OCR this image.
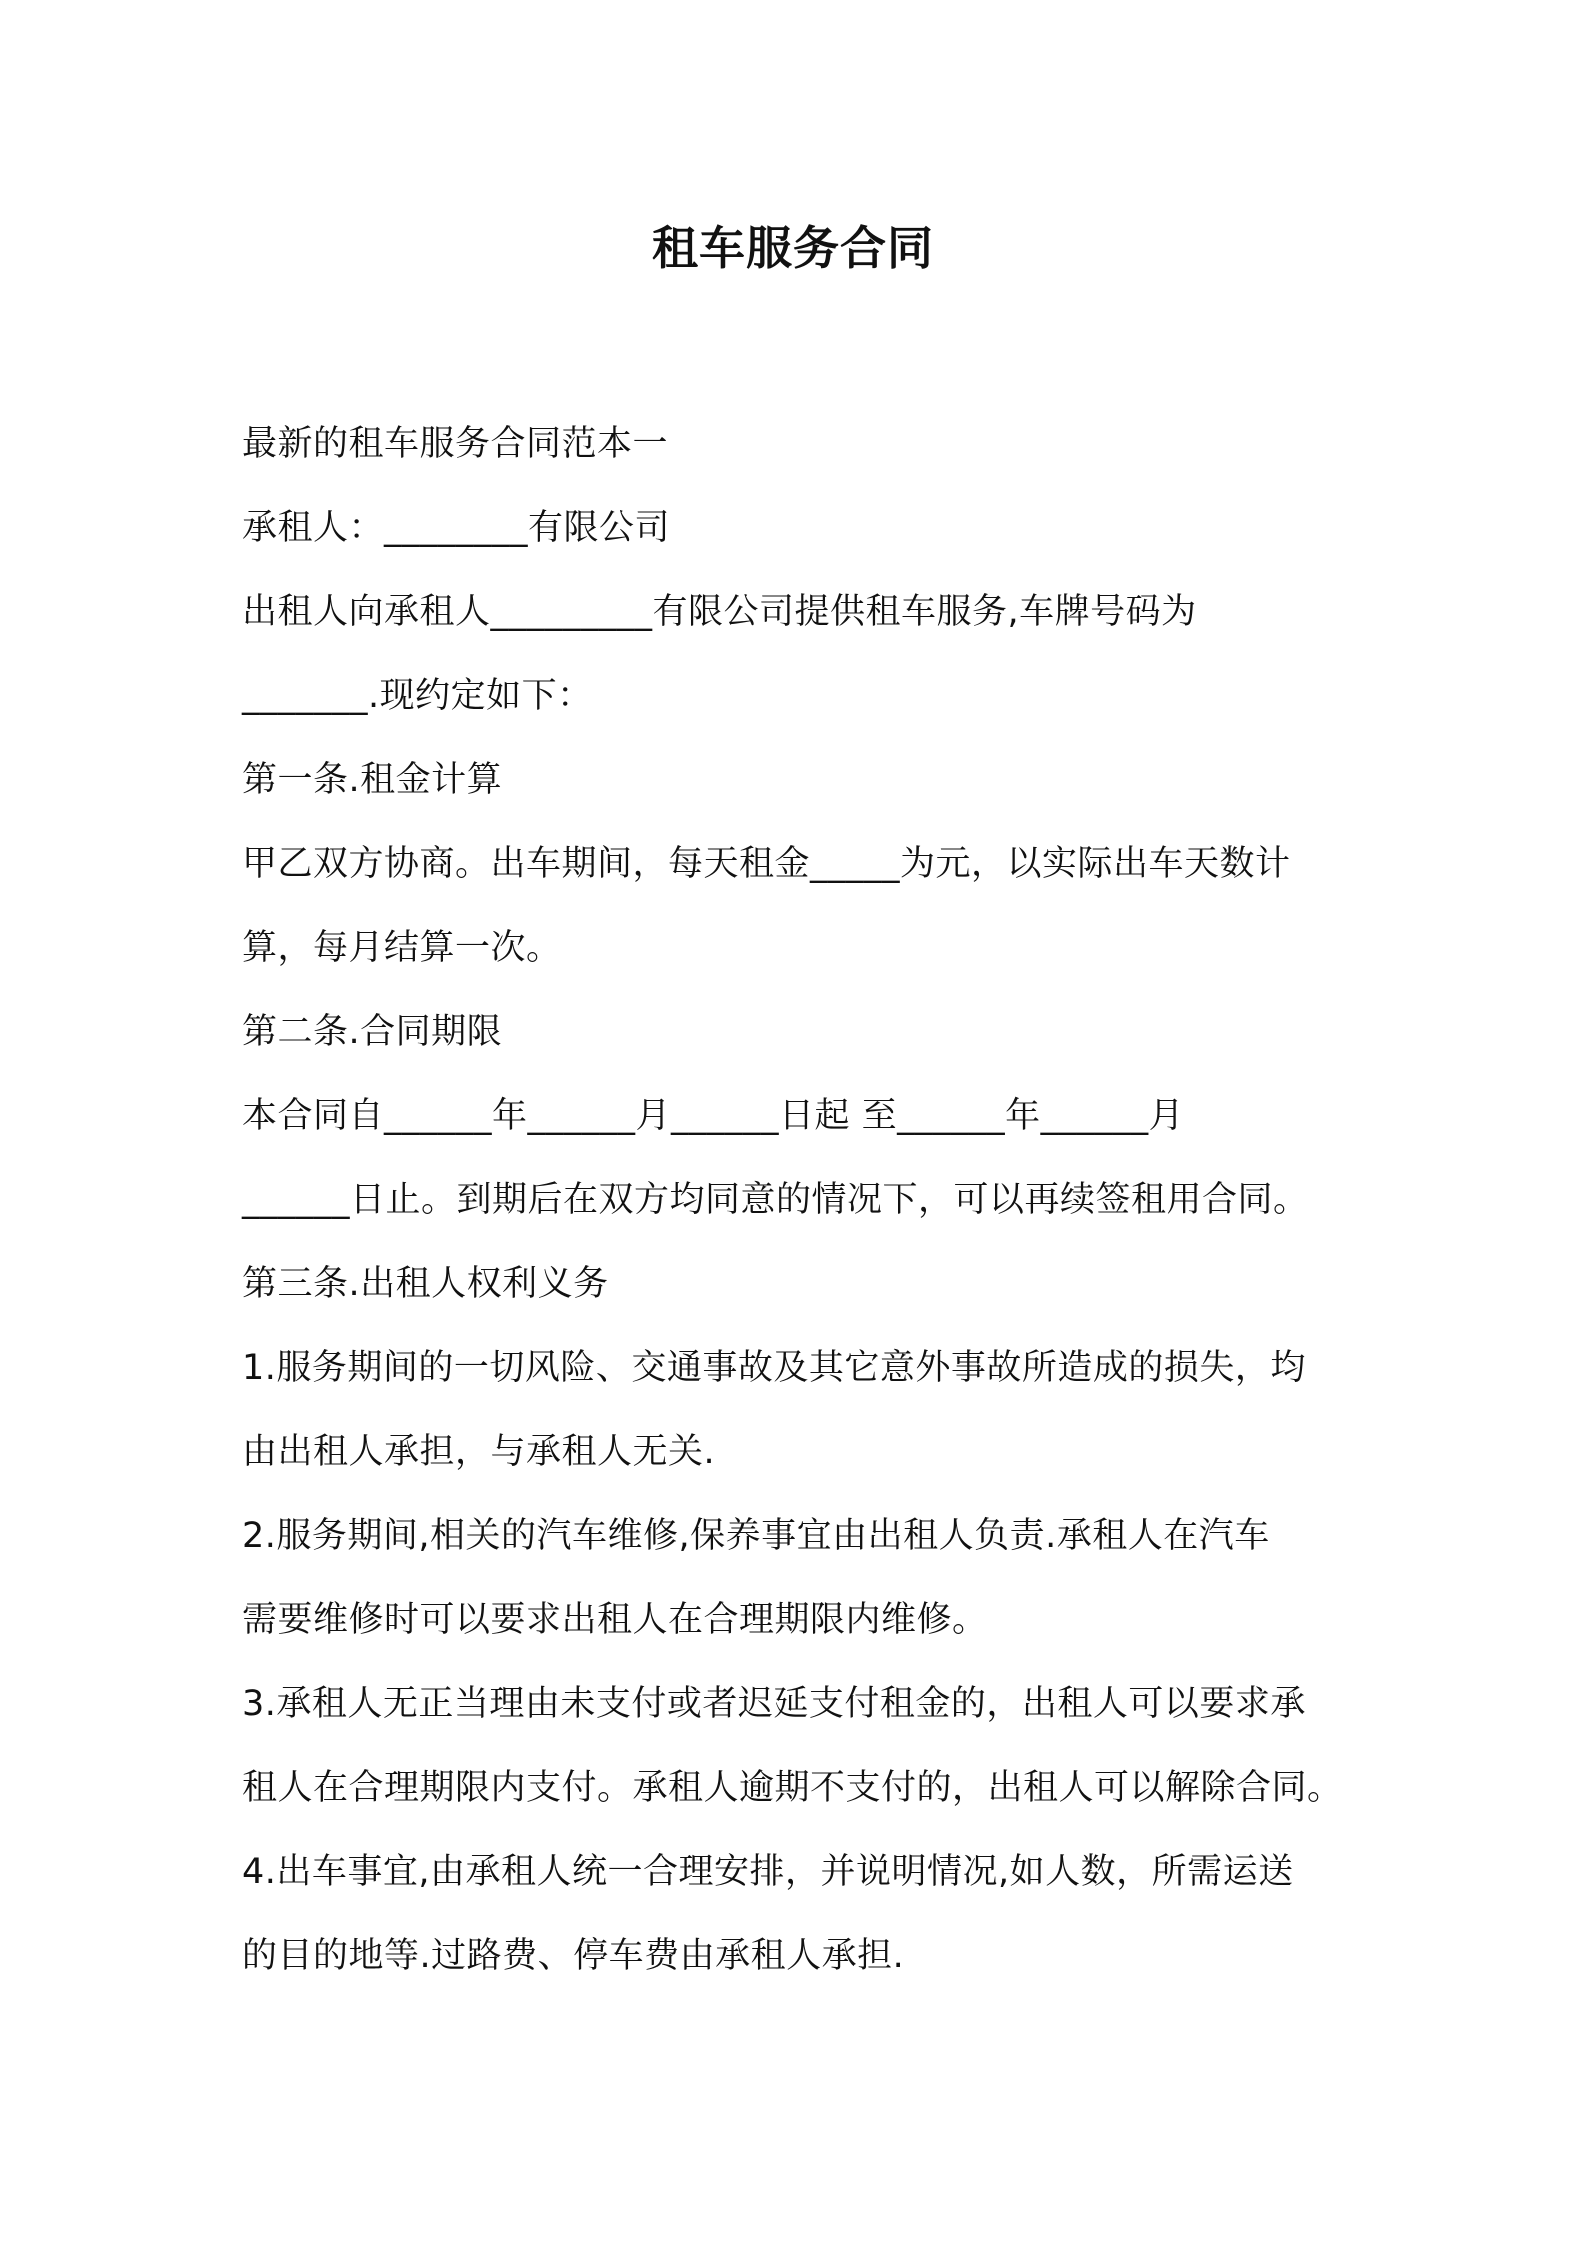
租车服务合同
最新的租车服务合同范本一
承租人：________有限公司
出租人向承租人_________有限公司提供租车服务,车牌号码为
_______.现约定如下：
第一条.租金计算
甲乙双方协商。出车期间，每天租金_____为元，以实际出车天数计
算，每月结算一次。
第二条.合同期限
本合同自______年______月______日起 至______年______月
______日止。到期后在双方均同意的情况下，可以再续签租用合同。
第三条.出租人权利义务
1.服务期间的一切风险、交通事故及其它意外事故所造成的损失，均
由出租人承担，与承租人无关.
2.服务期间,相关的汽车维修,保养事宜由出租人负责.承租人在汽车
需要维修时可以要求出租人在合理期限内维修。
3.承租人无正当理由未支付或者迟延支付租金的，出租人可以要求承
租人在合理期限内支付。承租人逾期不支付的，出租人可以解除合同。
4.出车事宜,由承租人统一合理安排，并说明情况,如人数，所需运送
的目的地等.过路费、停车费由承租人承担.
